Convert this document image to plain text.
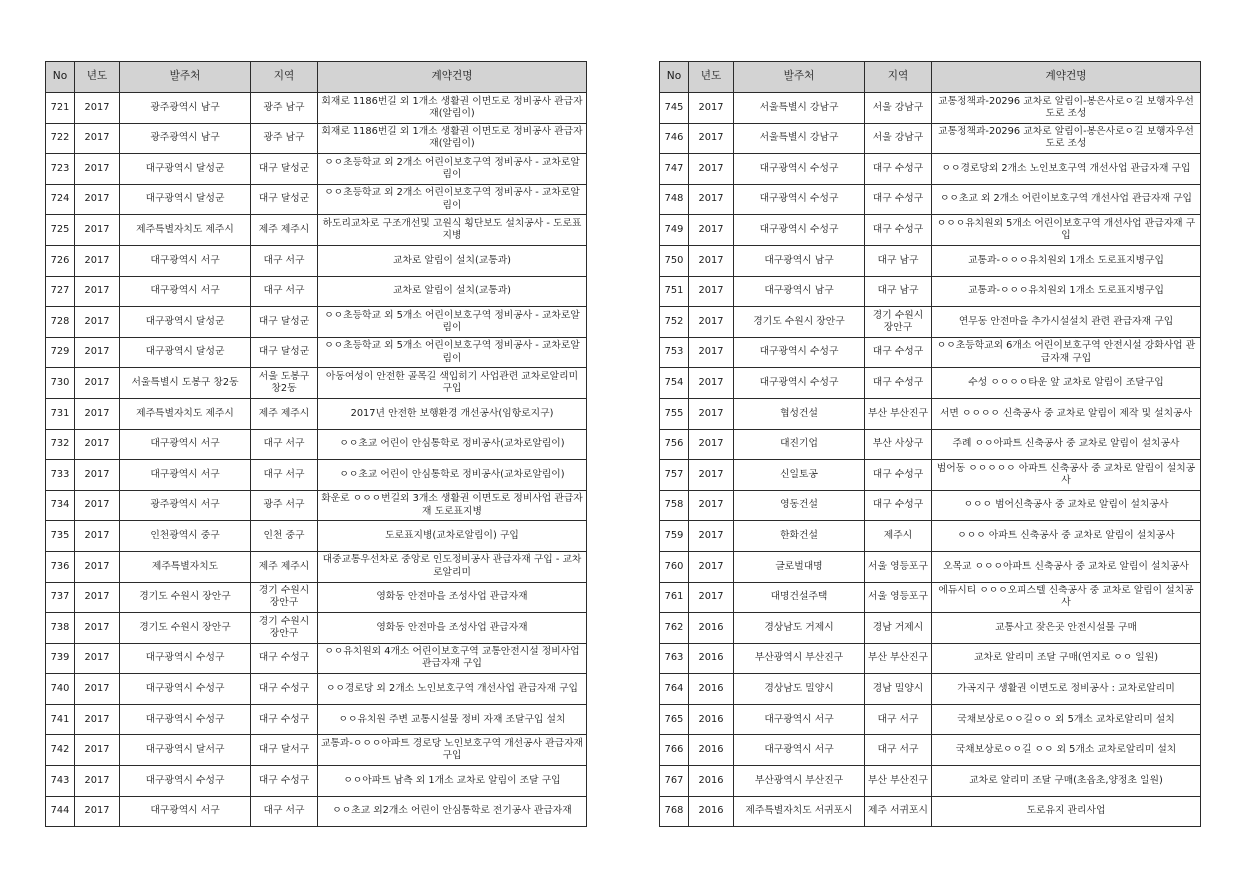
No	년도	발주처	지역	계약건명
721	2017	광주광역시 남구	광주 남구	회재로 1186번길 외 1개소 생활권 이면도로 정비공사 관급자재(알림이)
722	2017	광주광역시 남구	광주 남구	회재로 1186번길 외 1개소 생활권 이면도로 정비공사 관급자재(알림이)
723	2017	대구광역시 달성군	대구 달성군	ㅇㅇ초등학교 외 2개소 어린이보호구역 정비공사 - 교차로알림이
724	2017	대구광역시 달성군	대구 달성군	ㅇㅇ초등학교 외 2개소 어린이보호구역 정비공사 - 교차로알림이
725	2017	제주특별자치도 제주시	제주 제주시	하도리교차로 구조개선및 고원식 횡단보도 설치공사 - 도로표지병
726	2017	대구광역시 서구	대구 서구	교차로 알림이 설치(교통과)
727	2017	대구광역시 서구	대구 서구	교차로 알림이 설치(교통과)
728	2017	대구광역시 달성군	대구 달성군	ㅇㅇ초등학교 외 5개소 어린이보호구역 정비공사 - 교차로알림이
729	2017	대구광역시 달성군	대구 달성군	ㅇㅇ초등학교 외 5개소 어린이보호구역 정비공사 - 교차로알림이
730	2017	서울특별시 도봉구 창2동	서울 도봉구 창2동	아동여성이 안전한 골목길 색입히기 사업관련 교차로알리미 구입
731	2017	제주특별자치도 제주시	제주 제주시	2017년 안전한 보행환경 개선공사(임항로지구)
732	2017	대구광역시 서구	대구 서구	ㅇㅇ초교 어린이 안심통학로 정비공사(교차로알림이)
733	2017	대구광역시 서구	대구 서구	ㅇㅇ초교 어린이 안심통학로 정비공사(교차로알림이)
734	2017	광주광역시 서구	광주 서구	화운로 ㅇㅇㅇ번길외 3개소 생활권 이면도로 정비사업 관급자재 도로표지병
735	2017	인천광역시 중구	인천 중구	도로표지병(교차로알림이) 구입
736	2017	제주특별자치도	제주 제주시	대중교통우선차로 중앙로 인도정비공사 관급자재 구입 - 교차로알리미
737	2017	경기도 수원시 장안구	경기 수원시 장안구	영화동 안전마을 조성사업 관급자재
738	2017	경기도 수원시 장안구	경기 수원시 장안구	영화동 안전마을 조성사업 관급자재
739	2017	대구광역시 수성구	대구 수성구	ㅇㅇ유치원외 4개소 어린이보호구역 교통안전시설 정비사업 관급자재 구입
740	2017	대구광역시 수성구	대구 수성구	ㅇㅇ경로당 외 2개소 노인보호구역 개선사업 관급자재 구입
741	2017	대구광역시 수성구	대구 수성구	ㅇㅇ유치원 주변 교통시설물 정비 자재 조달구입 설치
742	2017	대구광역시 달서구	대구 달서구	교통과-ㅇㅇㅇ아파트 경로당 노인보호구역 개선공사 관급자재 구입
743	2017	대구광역시 수성구	대구 수성구	ㅇㅇ아파트 남측 외 1개소 교차로 알림이 조달 구입
744	2017	대구광역시 서구	대구 서구	ㅇㅇ초교 외2개소 어린이 안심통학로 전기공사 관급자재
No	년도	발주처	지역	계약건명
745	2017	서울특별시 강남구	서울 강남구	교통정책과-20296 교차로 알림이-봉은사로ㅇ길 보행자우선도로 조성
746	2017	서울특별시 강남구	서울 강남구	교통정책과-20296 교차로 알림이-봉은사로ㅇ길 보행자우선도로 조성
747	2017	대구광역시 수성구	대구 수성구	ㅇㅇ경로당외 2개소 노인보호구역 개선사업 관급자재 구입
748	2017	대구광역시 수성구	대구 수성구	ㅇㅇ초교 외 2개소 어린이보호구역 개선사업 관급자재 구입
749	2017	대구광역시 수성구	대구 수성구	ㅇㅇㅇ유치원외 5개소 어린이보호구역 개선사업 관급자재 구입
750	2017	대구광역시 남구	대구 남구	교통과-ㅇㅇㅇ유치원외 1개소 도로표지병구입
751	2017	대구광역시 남구	대구 남구	교통과-ㅇㅇㅇ유치원외 1개소 도로표지병구입
752	2017	경기도 수원시 장안구	경기 수원시 장안구	연무동 안전마을 추가시설설치 관련 관급자재 구입
753	2017	대구광역시 수성구	대구 수성구	ㅇㅇ초등학교외 6개소 어린이보호구역 안전시설 강화사업 관급자재 구입
754	2017	대구광역시 수성구	대구 수성구	수성 ㅇㅇㅇㅇ타운 앞 교차로 알림이 조달구입
755	2017	협성건설	부산 부산진구	서면 ㅇㅇㅇㅇ 신축공사 중 교차로 알림이 제작 및 설치공사
756	2017	대진기업	부산 사상구	주례 ㅇㅇ아파트 신축공사 중 교차로 알림이 설치공사
757	2017	신일토공	대구 수성구	범어동 ㅇㅇㅇㅇㅇ 아파트 신축공사 중 교차로 알림이 설치공사
758	2017	영동건설	대구 수성구	ㅇㅇㅇ 범어신축공사 중 교차로 알림이 설치공사
759	2017	한화건설	제주시	ㅇㅇㅇ 아파트 신축공사 중 교차로 알림이 설치공사
760	2017	글로벌대명	서울 영등포구	오목교 ㅇㅇㅇ아파트 신축공사 중 교차로 알림이 설치공사
761	2017	대명건설주택	서울 영등포구	에듀시티 ㅇㅇㅇ오피스텔 신축공사 중 교차로 알림이 설치공사
762	2016	경상남도 거제시	경남 거제시	교통사고 잦은곳 안전시설물 구매
763	2016	부산광역시 부산진구	부산 부산진구	교차로 알리미 조달 구매(연지로 ㅇㅇ 일원)
764	2016	경상남도 밀양시	경남 밀양시	가곡지구 생활권 이면도로 정비공사 : 교차로알리미
765	2016	대구광역시 서구	대구 서구	국채보상로ㅇㅇ길ㅇㅇ 외 5개소 교차로알리미 설치
766	2016	대구광역시 서구	대구 서구	국채보상로ㅇㅇ길 ㅇㅇ 외 5개소 교차로알리미 설치
767	2016	부산광역시 부산진구	부산 부산진구	교차로 알리미 조달 구매(초읍초,양정초 일원)
768	2016	제주특별자치도 서귀포시	제주 서귀포시	도로유지 관리사업
